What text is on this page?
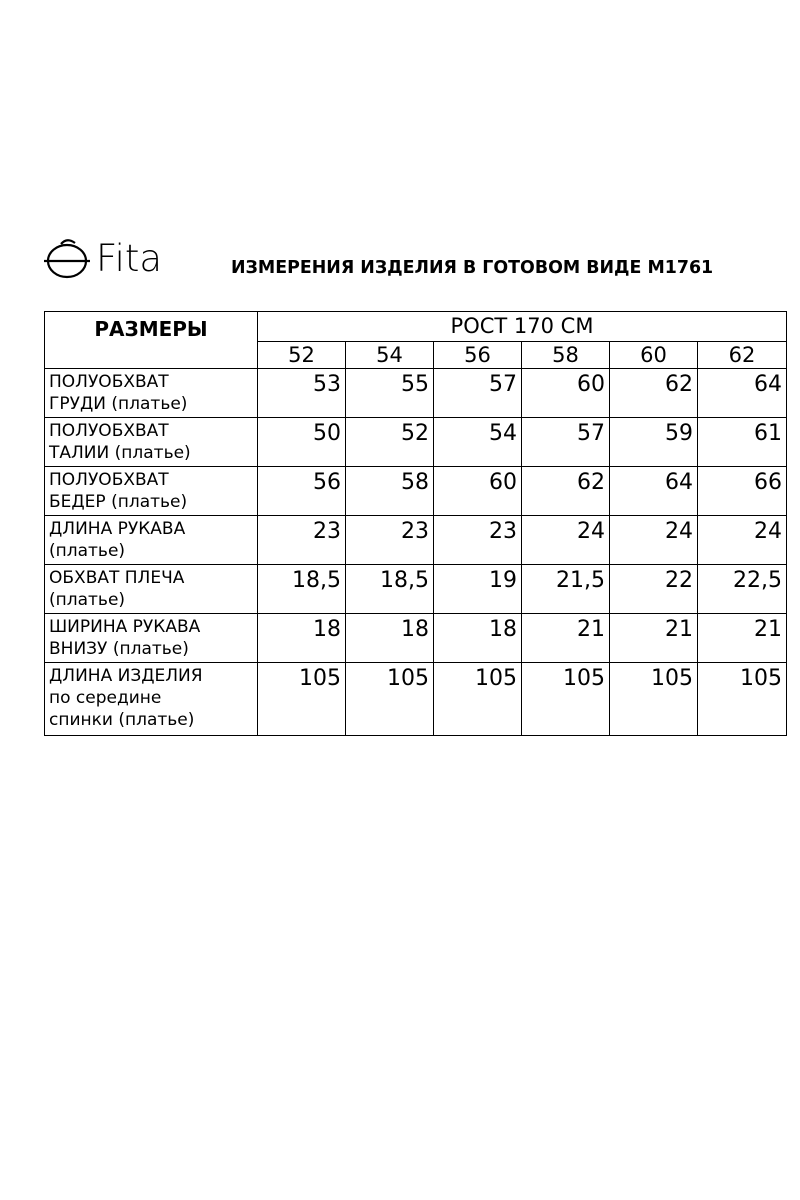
Fita	ИЗМЕРЕНИЯ ИЗДЕЛИЯ В ГОТОВОМ ВИДЕ М1761
РАЗМЕРЫ	РОСТ 170 СМ					
	52	54	56	58	60	62
ПОЛУОБХВАТ
ГРУДИ (платье)	53	55	57	60	62	64
ПОЛУОБХВАТ
ТАЛИИ (платье)	50	52	54	57	59	61
ПОЛУОБХВАТ
БЕДЕР (платье)	56	58	60	62	64	66
ДЛИНА РУКАВА
(платье)	23	23	23	24	24	24
ОБХВАТ ПЛЕЧА
(платье)	18,5	18,5	19	21,5	22	22,5
ШИРИНА РУКАВА
ВНИЗУ (платье)	18	18	18	21	21	21
ДЛИНА ИЗДЕЛИЯ
по середине
спинки (платье)	105	105	105	105	105	105
